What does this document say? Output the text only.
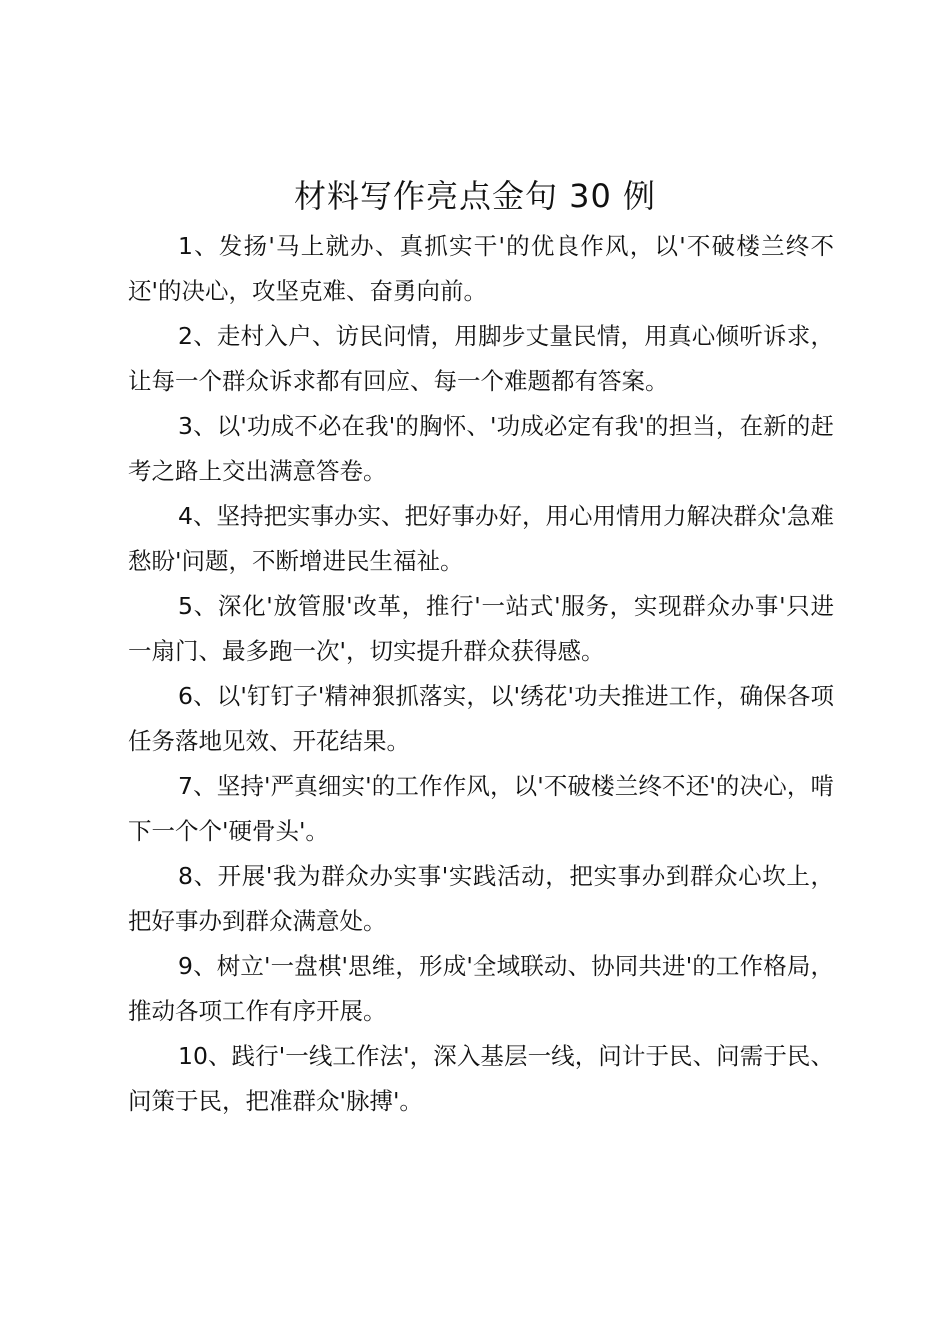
材料写作亮点金句 30 例

1、发扬'马上就办、真抓实干'的优良作风，以'不破楼兰终不还'的决心，攻坚克难、奋勇向前。

2、走村入户、访民问情，用脚步丈量民情，用真心倾听诉求，让每一个群众诉求都有回应、每一个难题都有答案。

3、以'功成不必在我'的胸怀、'功成必定有我'的担当，在新的赶考之路上交出满意答卷。

4、坚持把实事办实、把好事办好，用心用情用力解决群众'急难愁盼'问题，不断增进民生福祉。

5、深化'放管服'改革，推行'一站式'服务，实现群众办事'只进一扇门、最多跑一次'，切实提升群众获得感。

6、以'钉钉子'精神狠抓落实，以'绣花'功夫推进工作，确保各项任务落地见效、开花结果。

7、坚持'严真细实'的工作作风，以'不破楼兰终不还'的决心，啃下一个个'硬骨头'。

8、开展'我为群众办实事'实践活动，把实事办到群众心坎上，把好事办到群众满意处。

9、树立'一盘棋'思维，形成'全域联动、协同共进'的工作格局，推动各项工作有序开展。

10、践行'一线工作法'，深入基层一线，问计于民、问需于民、问策于民，把准群众'脉搏'。
